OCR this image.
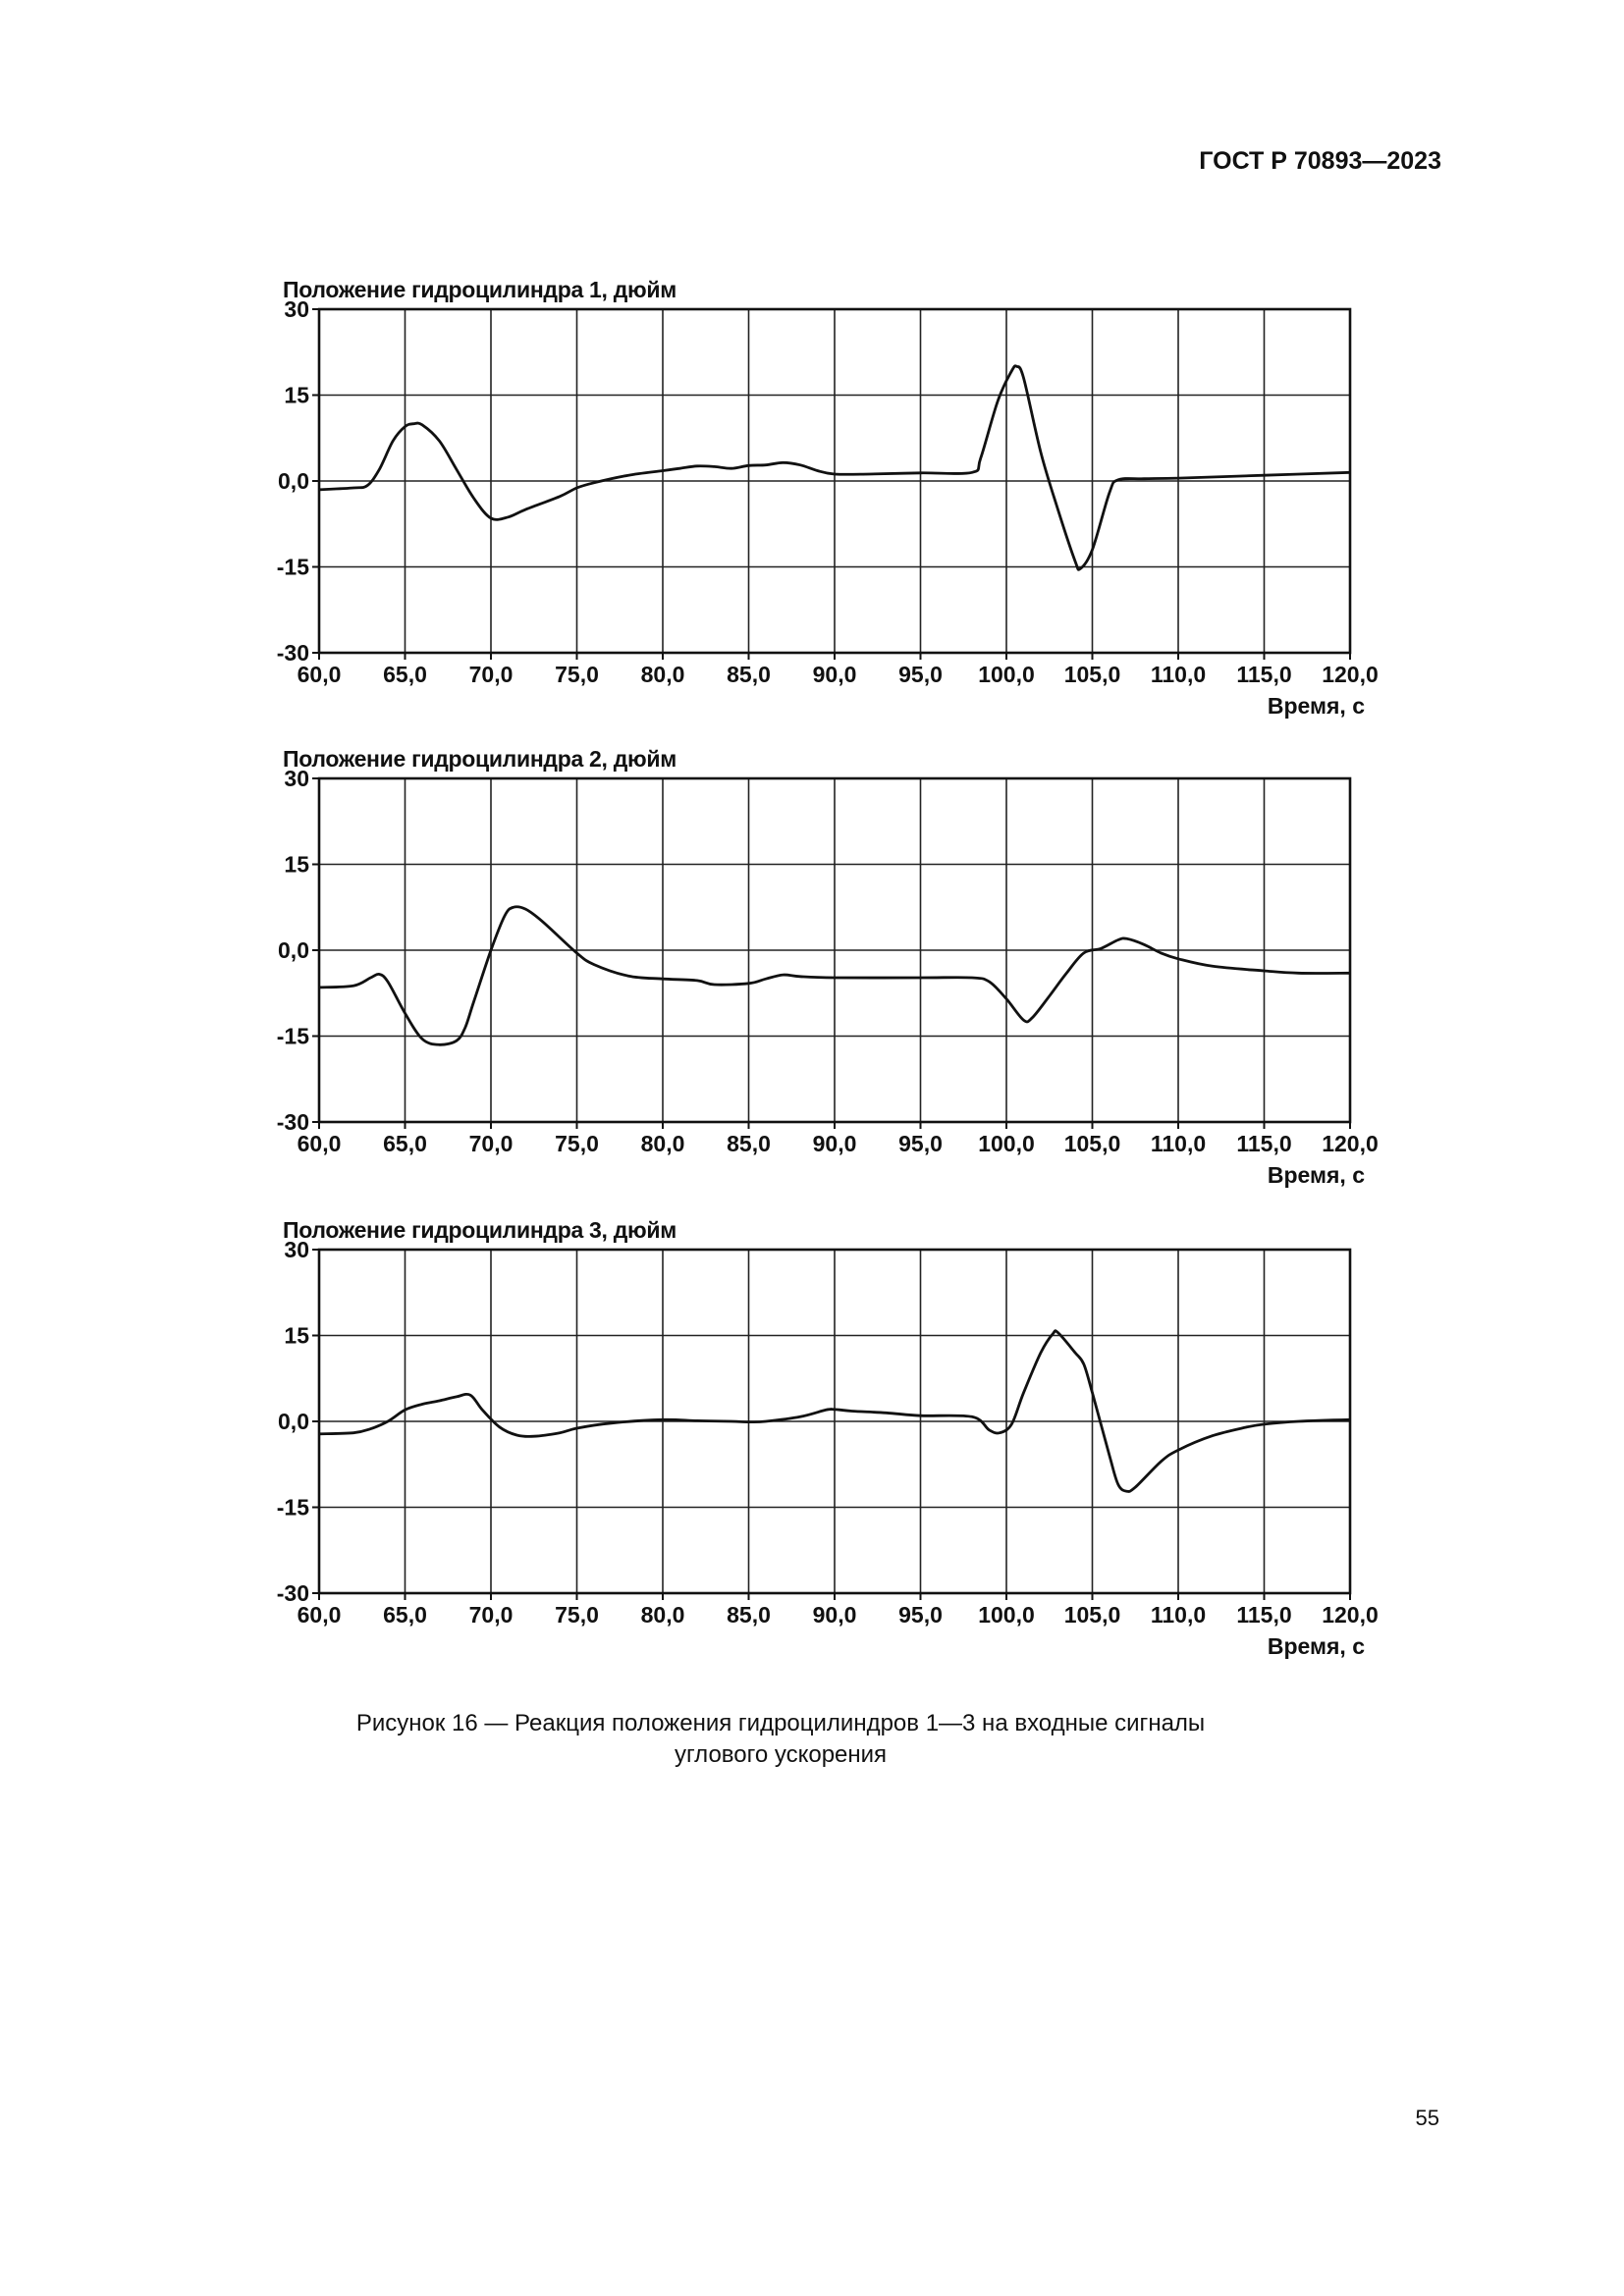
ГОСТ Р 70893—2023
Положение гидроцилиндра 1, дюйм
30
15
0,0
-15
-30
60,0 65,0 70,0 75,0 80,0 85,0 90,0 95,0 100,0 105,0 110,0 115,0 120,0
Время, с
Положение гидроцилиндра 2, дюйм
30
15
0,0
-15
-30
60,0 65,0 70,0 75,0 80,0 85,0 90,0 95,0 100,0 105,0 110,0 115,0 120,0
Время, с
Положение гидроцилиндра 3, дюйм
30
15
0,0
-15
-30
60,0 65,0 70,0 75,0 80,0 85,0 90,0 95,0 100,0 105,0 110,0 115,0 120,0
Время, с
Рисунок 16 — Реакция положения гидроцилиндров 1—3 на входные сигналы
углового ускорения
55
